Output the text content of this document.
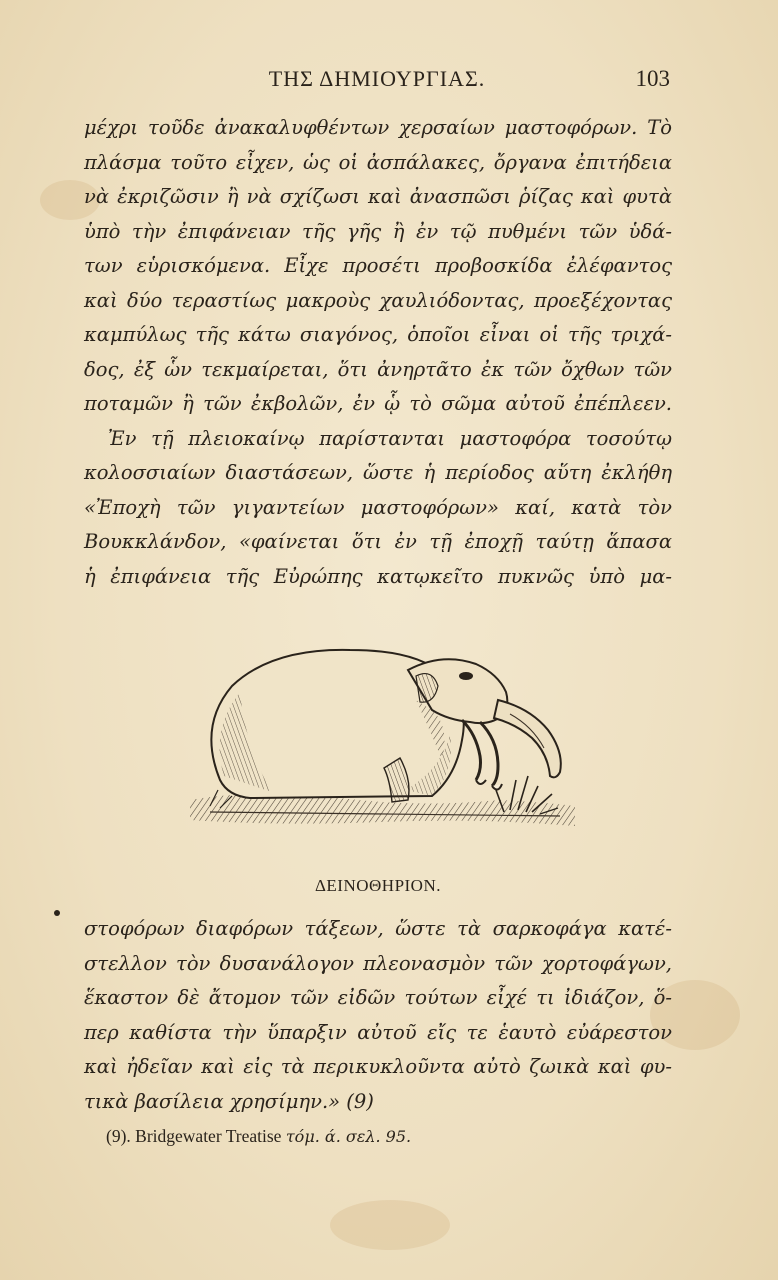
ΤΗΣ ΔΗΜΙΟΥΡΓΙΑΣ.	103
μέχρι τοῦδε ἀνακαλυφθέντων χερσαίων μαστοφόρων. Τὸ
πλάσμα τοῦτο εἶχεν, ὡς οἱ ἀσπάλακες, ὄργανα ἐπιτήδεια
νὰ ἐκριζῶσιν ἢ νὰ σχίζωσι καὶ ἀνασπῶσι ῥίζας καὶ φυτὰ
ὑπὸ τὴν ἐπιφάνειαν τῆς γῆς ἢ ἐν τῷ πυθμένι τῶν ὑδά-
των εὑρισκόμενα. Εἶχε προσέτι προβοσκίδα ἐλέφαντος
καὶ δύο τεραστίως μακροὺς χαυλιόδοντας, προεξέχοντας
καμπύλως τῆς κάτω σιαγόνος, ὁποῖοι εἶναι οἱ τῆς τριχά-
δος, ἐξ ὧν τεκμαίρεται, ὅτι ἀνηρτᾶτο ἐκ τῶν ὄχθων τῶν
ποταμῶν ἢ τῶν ἐκβολῶν, ἐν ᾧ τὸ σῶμα αὐτοῦ ἐπέπλεεν.
Ἐν τῇ πλειοκαίνῳ παρίστανται μαστοφόρα τοσούτῳ
κολοσσιαίων διαστάσεων, ὥστε ἡ περίοδος αὕτη ἐκλήθη
«Ἐποχὴ τῶν γιγαντείων μαστοφόρων» καί, κατὰ τὸν
Βουκκλάνδον, «φαίνεται ὅτι ἐν τῇ ἐποχῇ ταύτῃ ἅπασα
ἡ ἐπιφάνεια τῆς Εὐρώπης κατῳκεῖτο πυκνῶς ὑπὸ μα-
ΔΕΙΝΟΘΗΡΙΟΝ.
στοφόρων διαφόρων τάξεων, ὥστε τὰ σαρκοφάγα κατέ-
στελλον τὸν δυσανάλογον πλεονασμὸν τῶν χορτοφάγων,
ἕκαστον δὲ ἄτομον τῶν εἰδῶν τούτων εἶχέ τι ἰδιάζον, ὅ-
περ καθίστα τὴν ὕπαρξιν αὐτοῦ εἴς τε ἑαυτὸ εὐάρεστον
καὶ ἠδεῖαν καὶ εἰς τὰ περικυκλοῦντα αὐτὸ ζωικὰ καὶ φυ-
τικὰ βασίλεια χρησίμην.» (9)
(9). Bridgewater Treatise τόμ. ά. σελ. 95.
